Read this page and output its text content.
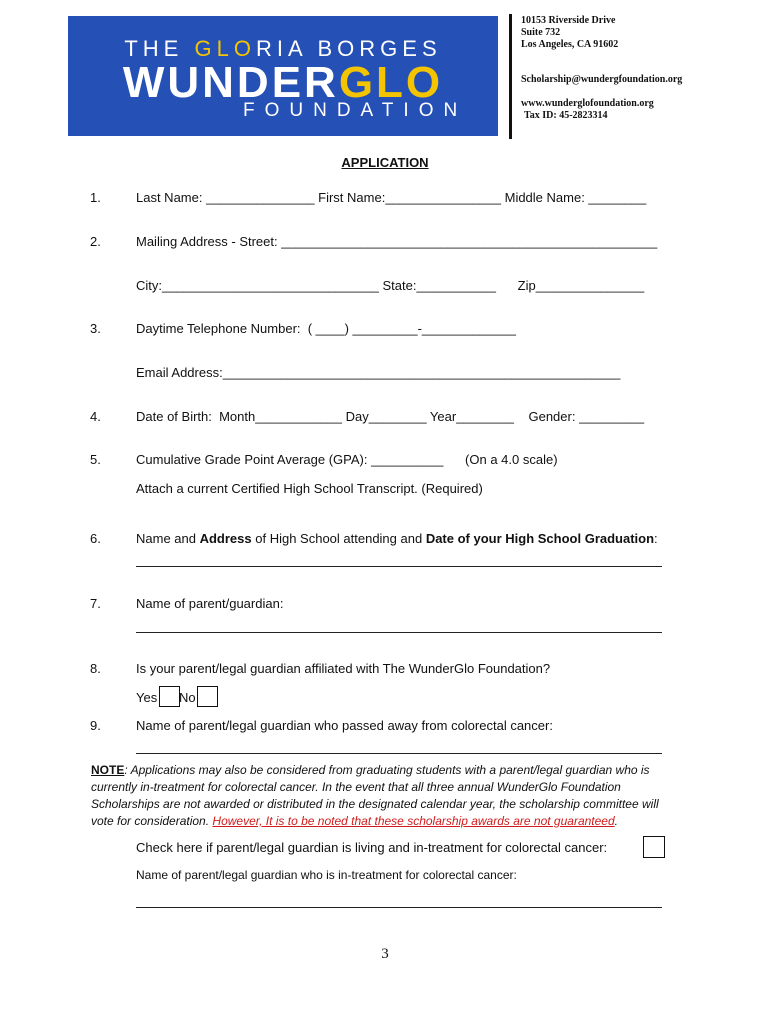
THE GLORIA BORGES
WUNDERGLO
FOUNDATION
10153 Riverside Drive
Suite 732
Los Angeles, CA 91602
Scholarship@wundergfoundation.org
www.wunderglofoundation.org
Tax ID: 45-2823314
APPLICATION
1.	Last Name: _______________ First Name:________________ Middle Name: ________
2.	Mailing Address - Street: ____________________________________________________
City:______________________________ State:___________      Zip_______________
3.	Daytime Telephone Number:  ( ____) _________-_____________
Email Address:_______________________________________________________
4.	Date of Birth:  Month____________ Day________ Year________    Gender: _________
5.	Cumulative Grade Point Average (GPA): __________      (On a 4.0 scale)
Attach a current Certified High School Transcript. (Required)
6.	Name and Address of High School attending and Date of your High School Graduation:
7.	Name of parent/guardian:
8.	Is your parent/legal guardian affiliated with The WunderGlo Foundation?
Yes No
9.	Name of parent/legal guardian who passed away from colorectal cancer:
NOTE: Applications may also be considered from graduating students with a parent/legal guardian who is currently in-treatment for colorectal cancer. In the event that all three annual WunderGlo Foundation Scholarships are not awarded or distributed in the designated calendar year, the scholarship committee will vote for consideration. However, It is to be noted that these scholarship awards are not guaranteed.
Check here if parent/legal guardian is living and in-treatment for colorectal cancer:
Name of parent/legal guardian who is in-treatment for colorectal cancer:
3
